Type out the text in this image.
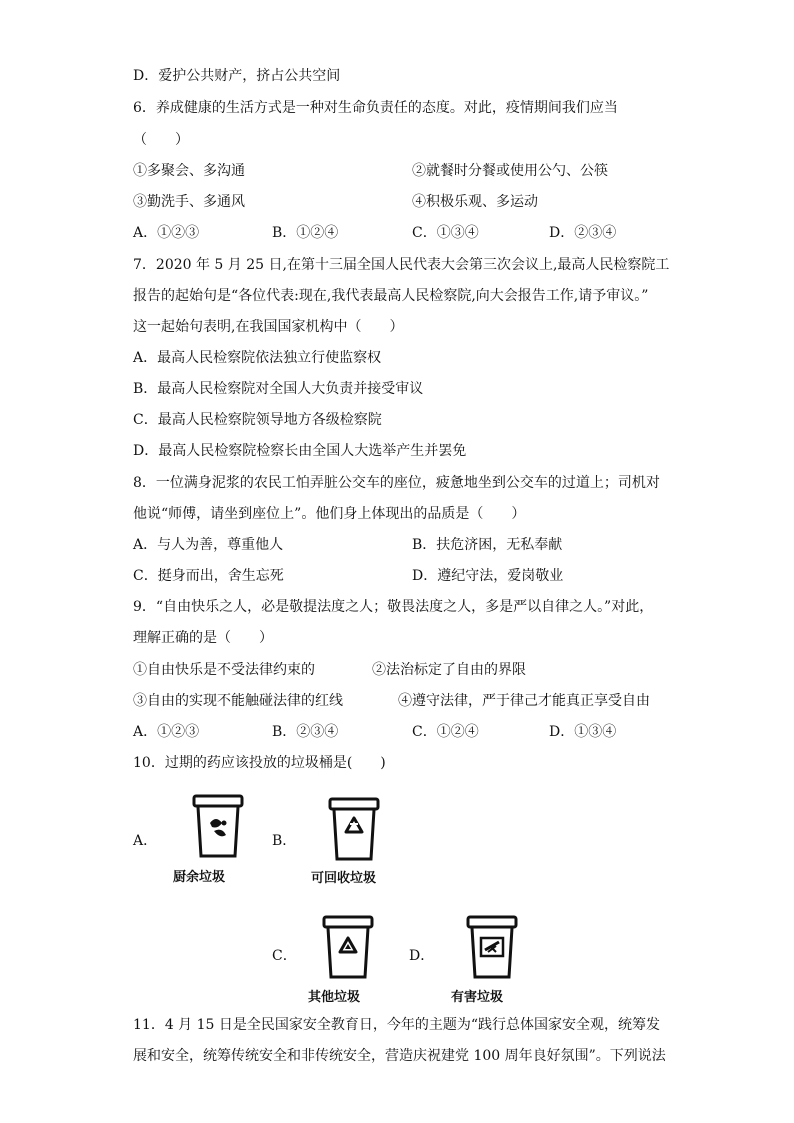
D．爱护公共财产，挤占公共空间
6．养成健康的生活方式是一种对生命负责任的态度。对此，疫情期间我们应当
（　　）
①多聚会、多沟通	②就餐时分餐或使用公勺、公筷
③勤洗手、多通风	④积极乐观、多运动
A．①②③	B．①②④	C．①③④	D．②③④
7．2020 年 5 月 25 日,在第十三届全国人民代表大会第三次会议上,最高人民检察院工
报告的起始句是“各位代表:现在,我代表最高人民检察院,向大会报告工作,请予审议。”
这一起始句表明,在我国国家机构中（　　）
A．最高人民检察院依法独立行使监察权
B．最高人民检察院对全国人大负责并接受审议
C．最高人民检察院领导地方各级检察院
D．最高人民检察院检察长由全国人大选举产生并罢免
8．一位满身泥浆的农民工怕弄脏公交车的座位，疲惫地坐到公交车的过道上；司机对
他说“师傅，请坐到座位上”。他们身上体现出的品质是（　　）
A．与人为善，尊重他人	B．扶危济困，无私奉献
C．挺身而出，舍生忘死	D．遵纪守法，爱岗敬业
9．“自由快乐之人，必是敬提法度之人；敬畏法度之人，多是严以自律之人。”对此，
理解正确的是（　　）
①自由快乐是不受法律约束的	②法治标定了自由的界限
③自由的实现不能触碰法律的红线	④遵守法律，严于律己才能真正享受自由
A．①②③	B．②③④	C．①②④	D．①③④
10．过期的药应该投放的垃圾桶是(　　)
A．
厨余垃圾
B．
可回收垃圾
C．
其他垃圾
D．
有害垃圾
11．4 月 15 日是全民国家安全教育日，今年的主题为“践行总体国家安全观，统筹发
展和安全，统筹传统安全和非传统安全，营造庆祝建党 100 周年良好氛围”。下列说法
